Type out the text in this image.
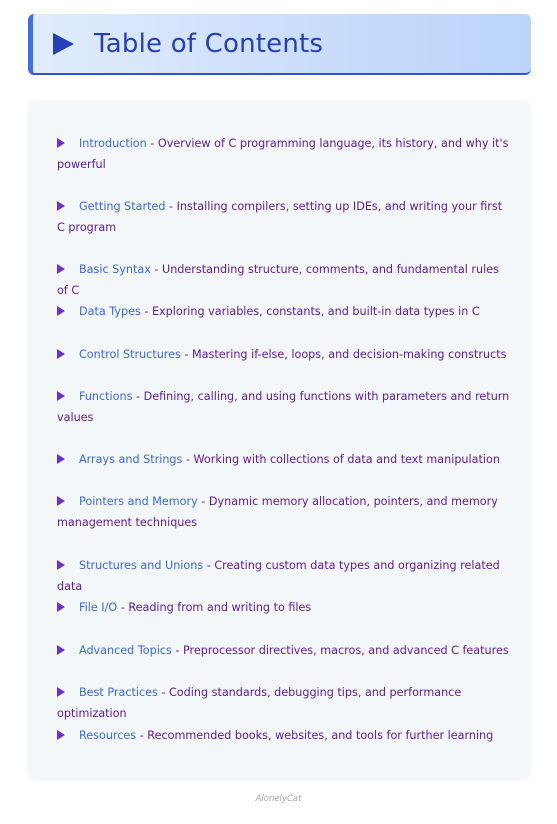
Table of Contents
Introduction - Overview of C programming language, its history, and why it's powerful
Getting Started - Installing compilers, setting up IDEs, and writing your first C program
Basic Syntax - Understanding structure, comments, and fundamental rules of C
Data Types - Exploring variables, constants, and built-in data types in C
Control Structures - Mastering if-else, loops, and decision-making constructs
Functions - Defining, calling, and using functions with parameters and return values
Arrays and Strings - Working with collections of data and text manipulation
Pointers and Memory - Dynamic memory allocation, pointers, and memory management techniques
Structures and Unions - Creating custom data types and organizing related data
File I/O - Reading from and writing to files
Advanced Topics - Preprocessor directives, macros, and advanced C features
Best Practices - Coding standards, debugging tips, and performance optimization
Resources - Recommended books, websites, and tools for further learning
AlonelyCat
